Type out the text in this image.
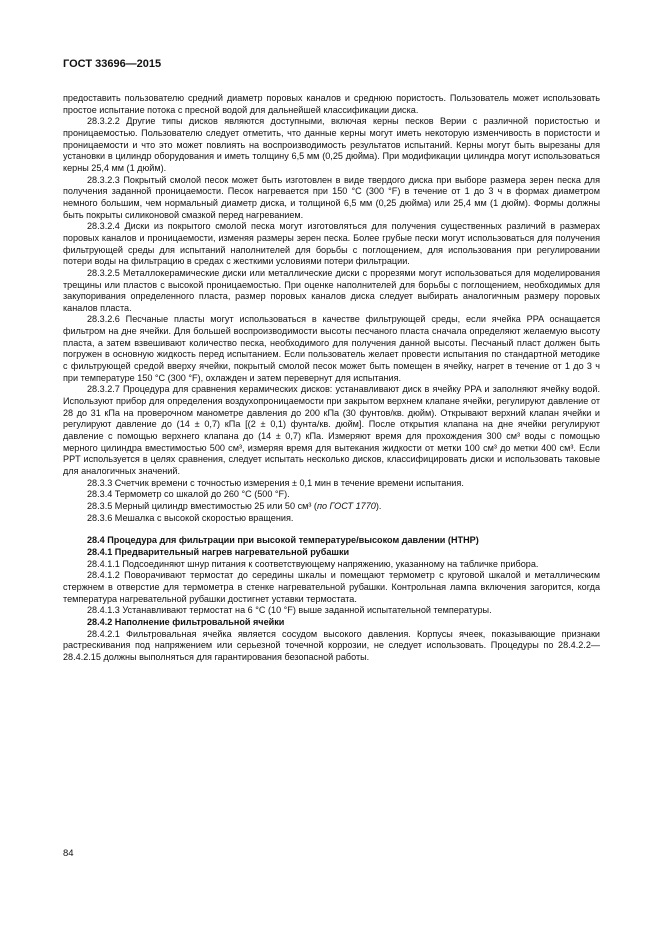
ГОСТ 33696—2015

предоставить пользователю средний диаметр поровых каналов и среднюю пористость. Пользователь может использовать простое испытание потока с пресной водой для дальнейшей классификации диска.

28.3.2.2 Другие типы дисков являются доступными, включая керны песков Верии с различной пористостью и проницаемостью. Пользователю следует отметить, что данные керны могут иметь некоторую изменчивость в пористости и проницаемости и что это может повлиять на воспроизводимость результатов испытаний. Керны могут быть вырезаны для установки в цилиндр оборудования и иметь толщину 6,5 мм (0,25 дюйма). При модификации цилиндра могут использоваться керны 25,4 мм (1 дюйм).

28.3.2.3 Покрытый смолой песок может быть изготовлен в виде твердого диска при выборе размера зерен песка для получения заданной проницаемости. Песок нагревается при 150 °C (300 °F) в течение от 1 до 3 ч в формах диаметром немного большим, чем нормальный диаметр диска, и толщиной 6,5 мм (0,25 дюйма) или 25,4 мм (1 дюйм). Формы должны быть покрыты силиконовой смазкой перед нагреванием.

28.3.2.4 Диски из покрытого смолой песка могут изготовляться для получения существенных различий в размерах поровых каналов и проницаемости, изменяя размеры зерен песка. Более грубые пески могут использоваться для получения фильтрующей среды для испытаний наполнителей для борьбы с поглощением, для использования при регулировании потери воды на фильтрацию в средах с жесткими условиями потери фильтрации.

28.3.2.5 Металлокерамические диски или металлические диски с прорезями могут использоваться для моделирования трещины или пластов с высокой проницаемостью. При оценке наполнителей для борьбы с поглощением, необходимых для закупоривания определенного пласта, размер поровых каналов диска следует выбирать аналогичным размеру поровых каналов пласта.

28.3.2.6 Песчаные пласты могут использоваться в качестве фильтрующей среды, если ячейка PPA оснащается фильтром на дне ячейки. Для большей воспроизводимости высоты песчаного пласта сначала определяют желаемую высоту пласта, а затем взвешивают количество песка, необходимого для получения данной высоты. Песчаный пласт должен быть погружен в основную жидкость перед испытанием. Если пользователь желает провести испытания по стандартной методике с фильтрующей средой вверху ячейки, покрытый смолой песок может быть помещен в ячейку, нагрет в течение от 1 до 3 ч при температуре 150 °C (300 °F), охлажден и затем перевернут для испытания.

28.3.2.7 Процедура для сравнения керамических дисков: устанавливают диск в ячейку PPA и заполняют ячейку водой. Используют прибор для определения воздухопроницаемости при закрытом верхнем клапане ячейки, регулируют давление от 28 до 31 кПа на проверочном манометре давления до 200 кПа (30 фунтов/кв. дюйм). Открывают верхний клапан ячейки и регулируют давление до (14 ± 0,7) кПа [(2 ± 0,1) фунта/кв. дюйм]. После открытия клапана на дне ячейки регулируют давление с помощью верхнего клапана до (14 ± 0,7) кПа. Измеряют время для прохождения 300 см³ воды с помощью мерного цилиндра вместимостью 500 см³, измеряя время для вытекания жидкости от метки 100 см³ до метки 400 см³. Если PPT используется в целях сравнения, следует испытать несколько дисков, классифицировать диски и использовать таковые для аналогичных значений.

28.3.3 Счетчик времени с точностью измерения ± 0,1 мин в течение времени испытания.

28.3.4 Термометр со шкалой до 260 °C (500 °F).

28.3.5 Мерный цилиндр вместимостью 25 или 50 см³ (по ГОСТ 1770).

28.3.6 Мешалка с высокой скоростью вращения.

28.4 Процедура для фильтрации при высокой температуре/высоком давлении (HTHP)

28.4.1 Предварительный нагрев нагревательной рубашки

28.4.1.1 Подсоединяют шнур питания к соответствующему напряжению, указанному на табличке прибора.

28.4.1.2 Поворачивают термостат до середины шкалы и помещают термометр с круговой шкалой и металлическим стержнем в отверстие для термометра в стенке нагревательной рубашки. Контрольная лампа включения загорится, когда температура нагревательной рубашки достигнет уставки термостата.

28.4.1.3 Устанавливают термостат на 6 °C (10 °F) выше заданной испытательной температуры.

28.4.2 Наполнение фильтровальной ячейки

28.4.2.1 Фильтровальная ячейка является сосудом высокого давления. Корпусы ячеек, показывающие признаки растрескивания под напряжением или серьезной точечной коррозии, не следует использовать. Процедуры по 28.4.2.2—28.4.2.15 должны выполняться для гарантирования безопасной работы.

84
